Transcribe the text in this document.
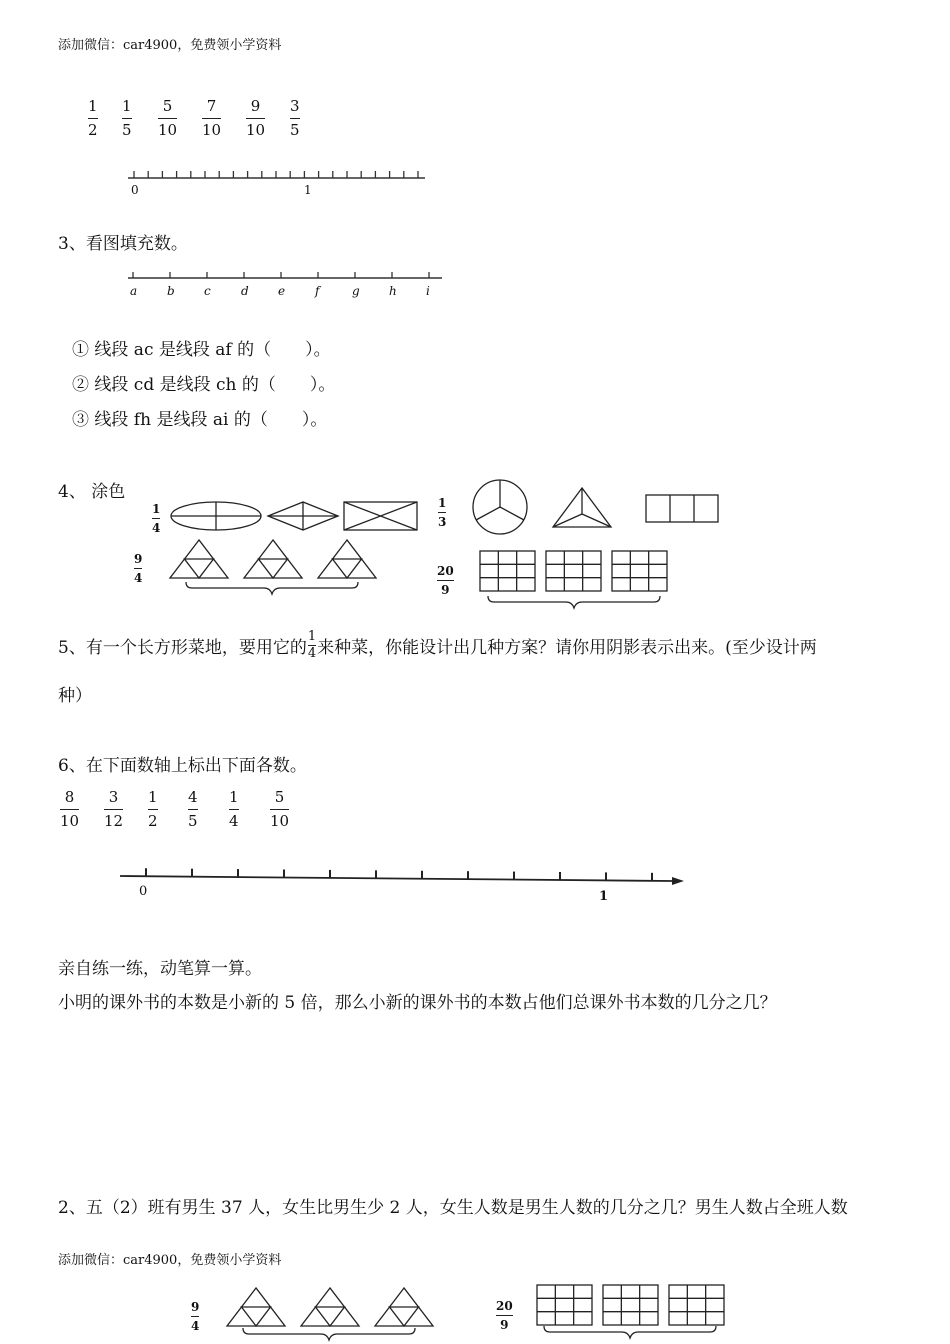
添加微信：car4900，免费领小学资料
1
2
1
5
5
10
7
10
9
10
3
5
0	1
3、看图填充数。
a b c	d e f	g h i
① 线段 ac 是线段 af 的（　　）。
② 线段 cd 是线段 ch 的（　　）。
③ 线段 fh 是线段 ai 的（　　）。
4、 涂色
1
4
1
3
9
4	20
9
5、有一个长方形菜地，要用它的 $\frac{1}{4}$ 来种菜，你能设计出几种方案？请你用阴影表示出来。(至少设计两
种）
6、在下面数轴上标出下面各数。
8
10
3
12
1
2
4
5
1
4
5
10
0	1
亲自练一练，动笔算一算。
小明的课外书的本数是小新的 5 倍，那么小新的课外书的本数占他们总课外书本数的几分之几？
2、五（2）班有男生 37 人，女生比男生少 2 人，女生人数是男生人数的几分之几？男生人数占全班人数
添加微信：car4900，免费领小学资料
9
4
20
9
